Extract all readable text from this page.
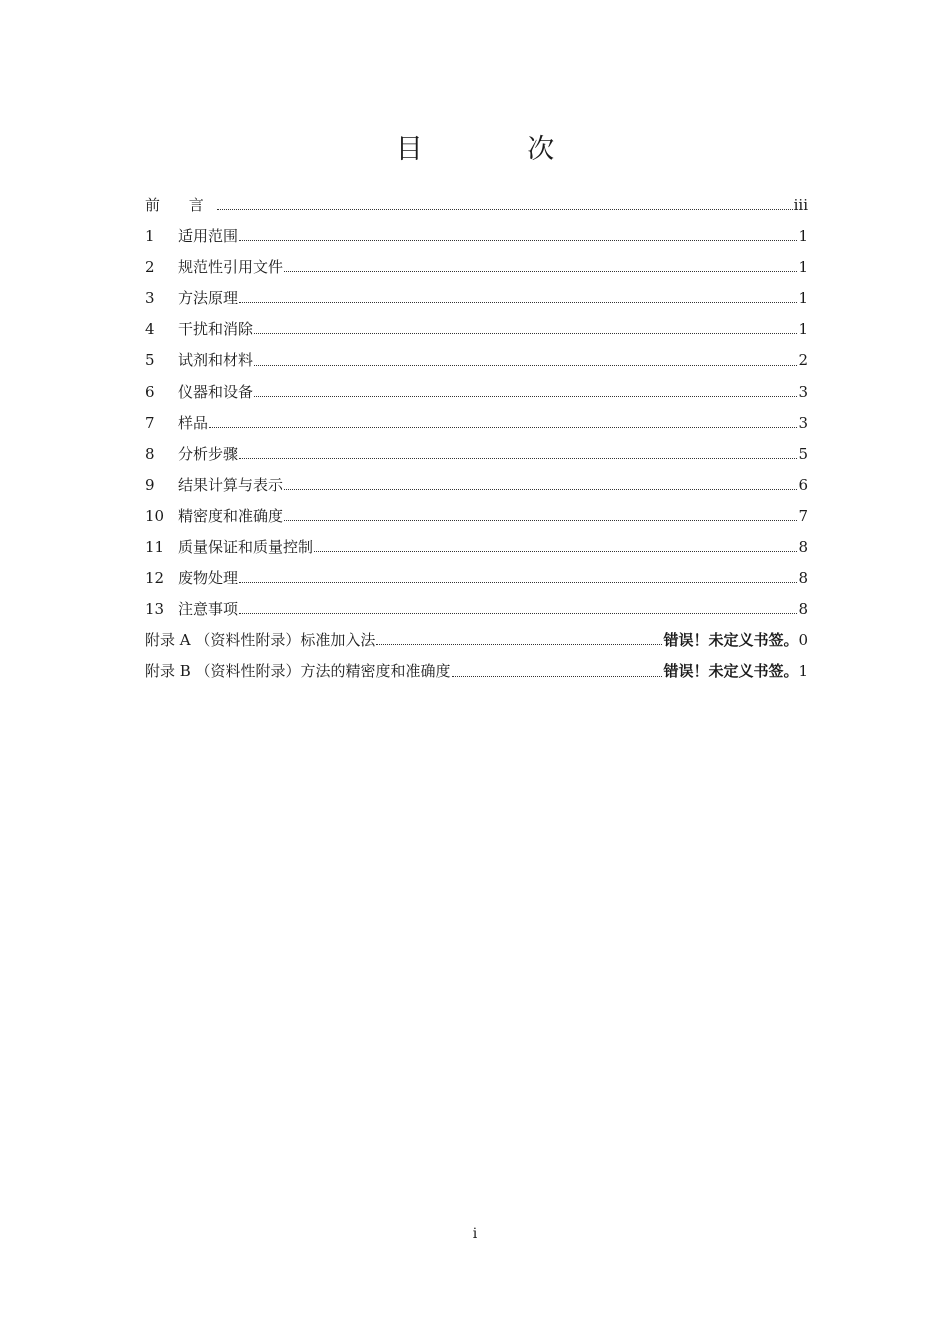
目 次
前 言	iii
1	适用范围	1
2	规范性引用文件	1
3	方法原理	1
4	干扰和消除	1
5	试剂和材料	2
6	仪器和设备	3
7	样品	3
8	分析步骤	5
9	结果计算与表示	6
10 精密度和准确度	7
11 质量保证和质量控制	8
12 废物处理	8
13 注意事项	8
附录 A （资料性附录）标准加入法	错误！未定义书签。 0
附录 B （资料性附录）方法的精密度和准确度	错误！未定义书签。 1
i
